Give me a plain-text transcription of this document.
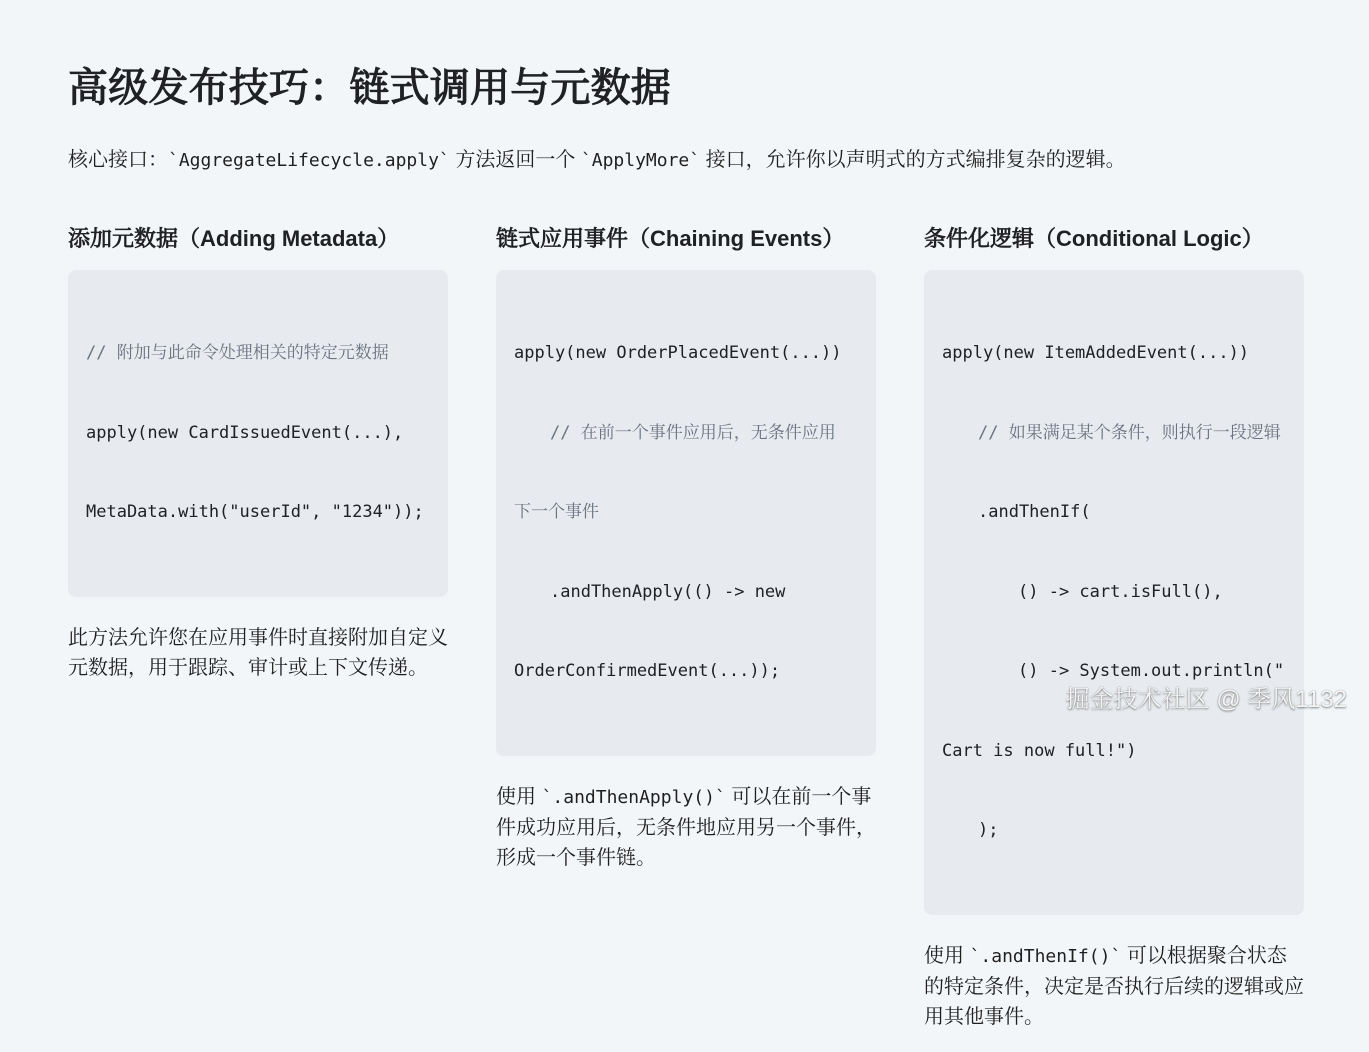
高级发布技巧：链式调用与元数据
核心接口：`AggregateLifecycle.apply` 方法返回一个 `ApplyMore` 接口，允许你以声明式的方式编排复杂的逻辑。
添加元数据（Adding Metadata）

// 附加与此命令处理相关的特定元数据

apply(new CardIssuedEvent(...),

MetaData.with("userId", "1234"));

此方法允许您在应用事件时直接附加自定义元数据，用于跟踪、审计或上下文传递。

链式应用事件（Chaining Events）

apply(new OrderPlacedEvent(...))

// 在前一个事件应用后，无条件应用

下一个事件

.andThenApply(() -> new

OrderConfirmedEvent(...));

使用 `.andThenApply()` 可以在前一个事件成功应用后，无条件地应用另一个事件，形成一个事件链。

条件化逻辑（Conditional Logic）

apply(new ItemAddedEvent(...))

// 如果满足某个条件，则执行一段逻辑

.andThenIf(

() -> cart.isFull(),

() -> System.out.println("

Cart is now full!")

);

使用 `.andThenIf()` 可以根据聚合状态的特定条件，决定是否执行后续的逻辑或应用其他事件。

掘金技术社区 @ 季风1132
